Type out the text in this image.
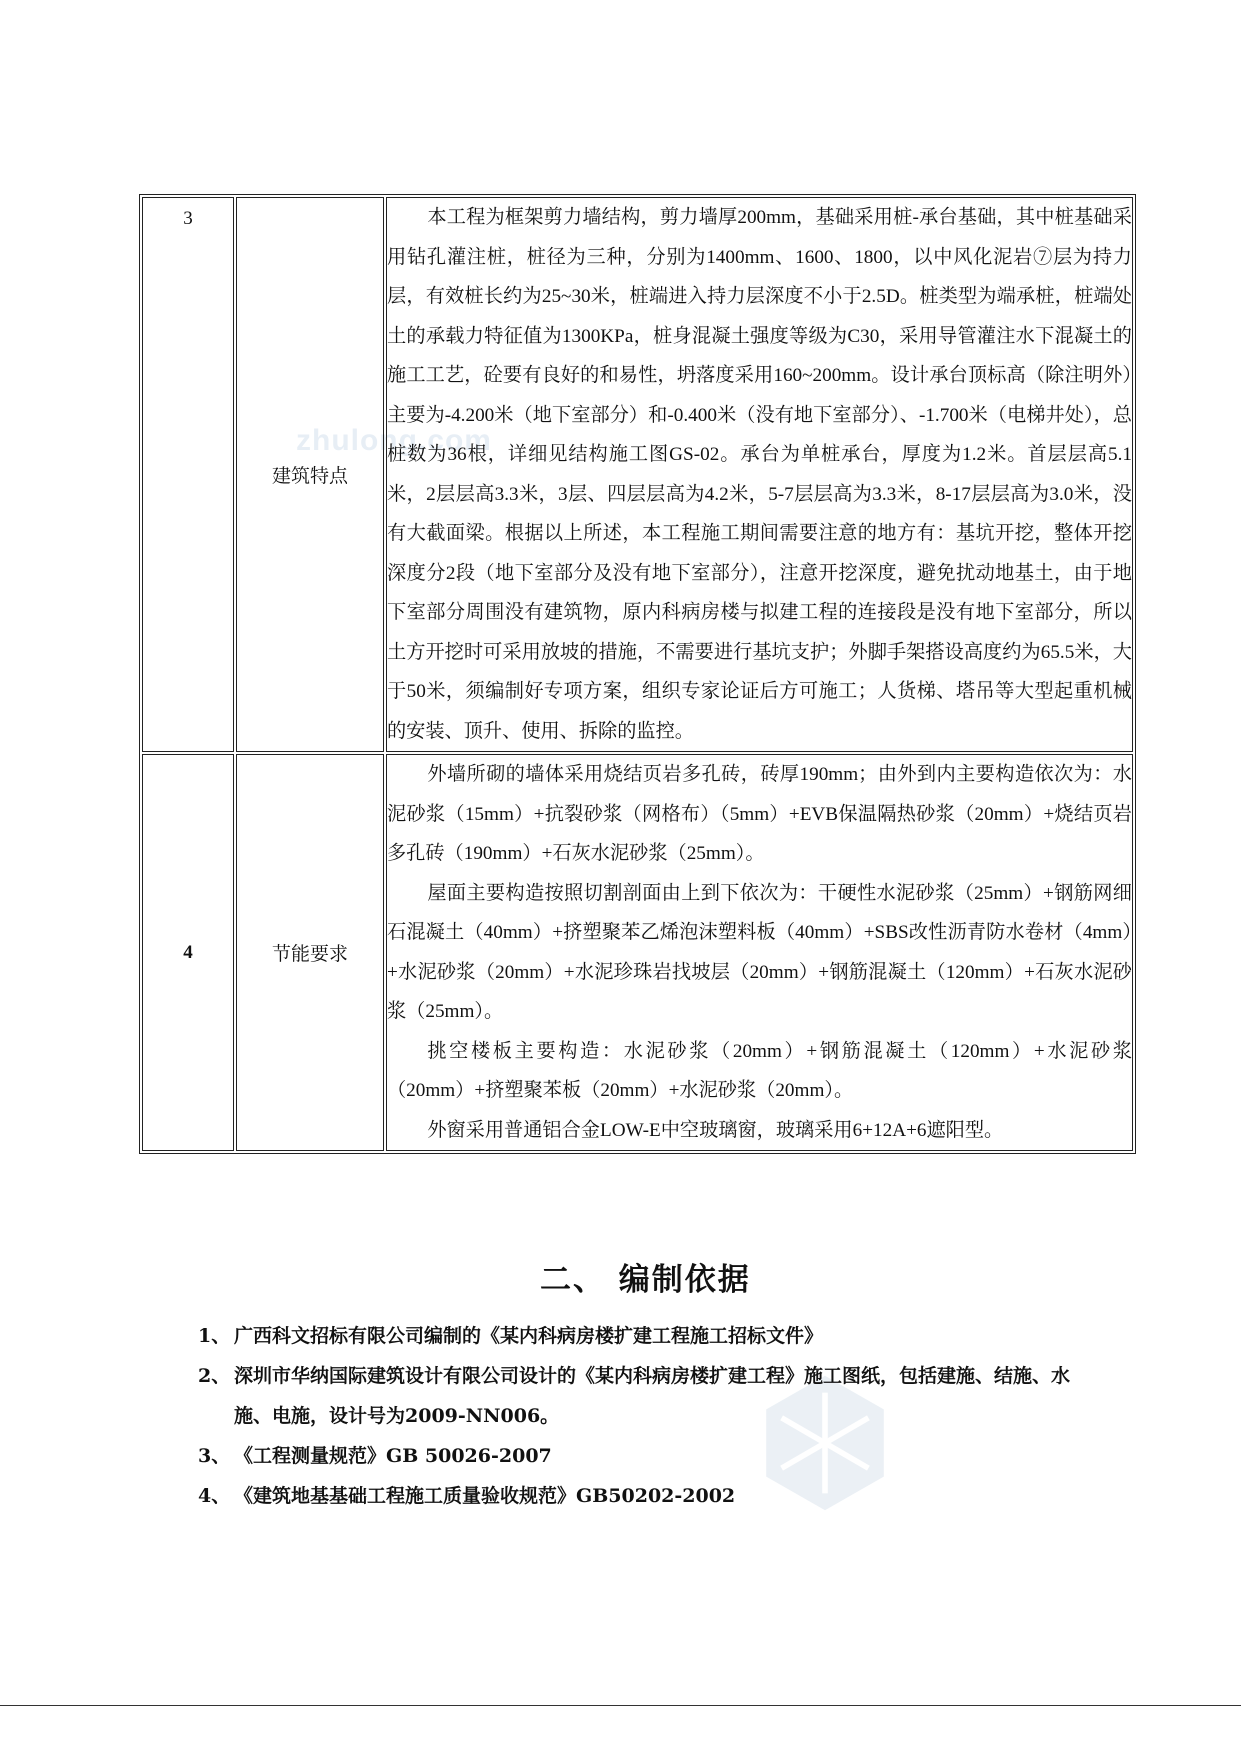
zhulong.com
3	建筑特点	本工程为框架剪力墙结构，剪力墙厚200mm，基础采用桩-承台基础，其中桩基础采用钻孔灌注桩，桩径为三种，分别为1400mm、1600、1800，以中风化泥岩⑦层为持力层，有效桩长约为25~30米，桩端进入持力层深度不小于2.5D。桩类型为端承桩，桩端处土的承载力特征值为1300KPa，桩身混凝土强度等级为C30，采用导管灌注水下混凝土的施工工艺，砼要有良好的和易性，坍落度采用160~200mm。设计承台顶标高（除注明外）主要为-4.200米（地下室部分）和-0.400米（没有地下室部分）、-1.700米（电梯井处），总桩数为36根，详细见结构施工图GS-02。承台为单桩承台，厚度为1.2米。首层层高5.1米，2层层高3.3米，3层、四层层高为4.2米，5-7层层高为3.3米，8-17层层高为3.0米，没有大截面梁。根据以上所述，本工程施工期间需要注意的地方有：基坑开挖，整体开挖深度分2段（地下室部分及没有地下室部分），注意开挖深度，避免扰动地基土，由于地下室部分周围没有建筑物，原内科病房楼与拟建工程的连接段是没有地下室部分，所以土方开挖时可采用放坡的措施，不需要进行基坑支护；外脚手架搭设高度约为65.5米，大于50米，须编制好专项方案，组织专家论证后方可施工；人货梯、塔吊等大型起重机械的安装、顶升、使用、拆除的监控。

4	节能要求	外墙所砌的墙体采用烧结页岩多孔砖，砖厚190mm；由外到内主要构造依次为：水泥砂浆（15mm）+抗裂砂浆（网格布）（5mm）+EVB保温隔热砂浆（20mm）+烧结页岩多孔砖（190mm）+石灰水泥砂浆（25mm）。

屋面主要构造按照切割剖面由上到下依次为：干硬性水泥砂浆（25mm）+钢筋网细石混凝土（40mm）+挤塑聚苯乙烯泡沫塑料板（40mm）+SBS改性沥青防水卷材（4mm）+水泥砂浆（20mm）+水泥珍珠岩找坡层（20mm）+钢筋混凝土（120mm）+石灰水泥砂浆（25mm）。

挑空楼板主要构造：水泥砂浆（20mm）+钢筋混凝土（120mm）+水泥砂浆（20mm）+挤塑聚苯板（20mm）+水泥砂浆（20mm）。

外窗采用普通铝合金LOW-E中空玻璃窗，玻璃采用6+12A+6遮阳型。

二、 编制依据
1、 广西科文招标有限公司编制的《某内科病房楼扩建工程施工招标文件》
2、 深圳市华纳国际建筑设计有限公司设计的《某内科病房楼扩建工程》施工图纸，包括建施、结施、水施、电施，设计号为2009-NN006。
3、 《工程测量规范》GB 50026-2007
4、 《建筑地基基础工程施工质量验收规范》GB50202-2002
